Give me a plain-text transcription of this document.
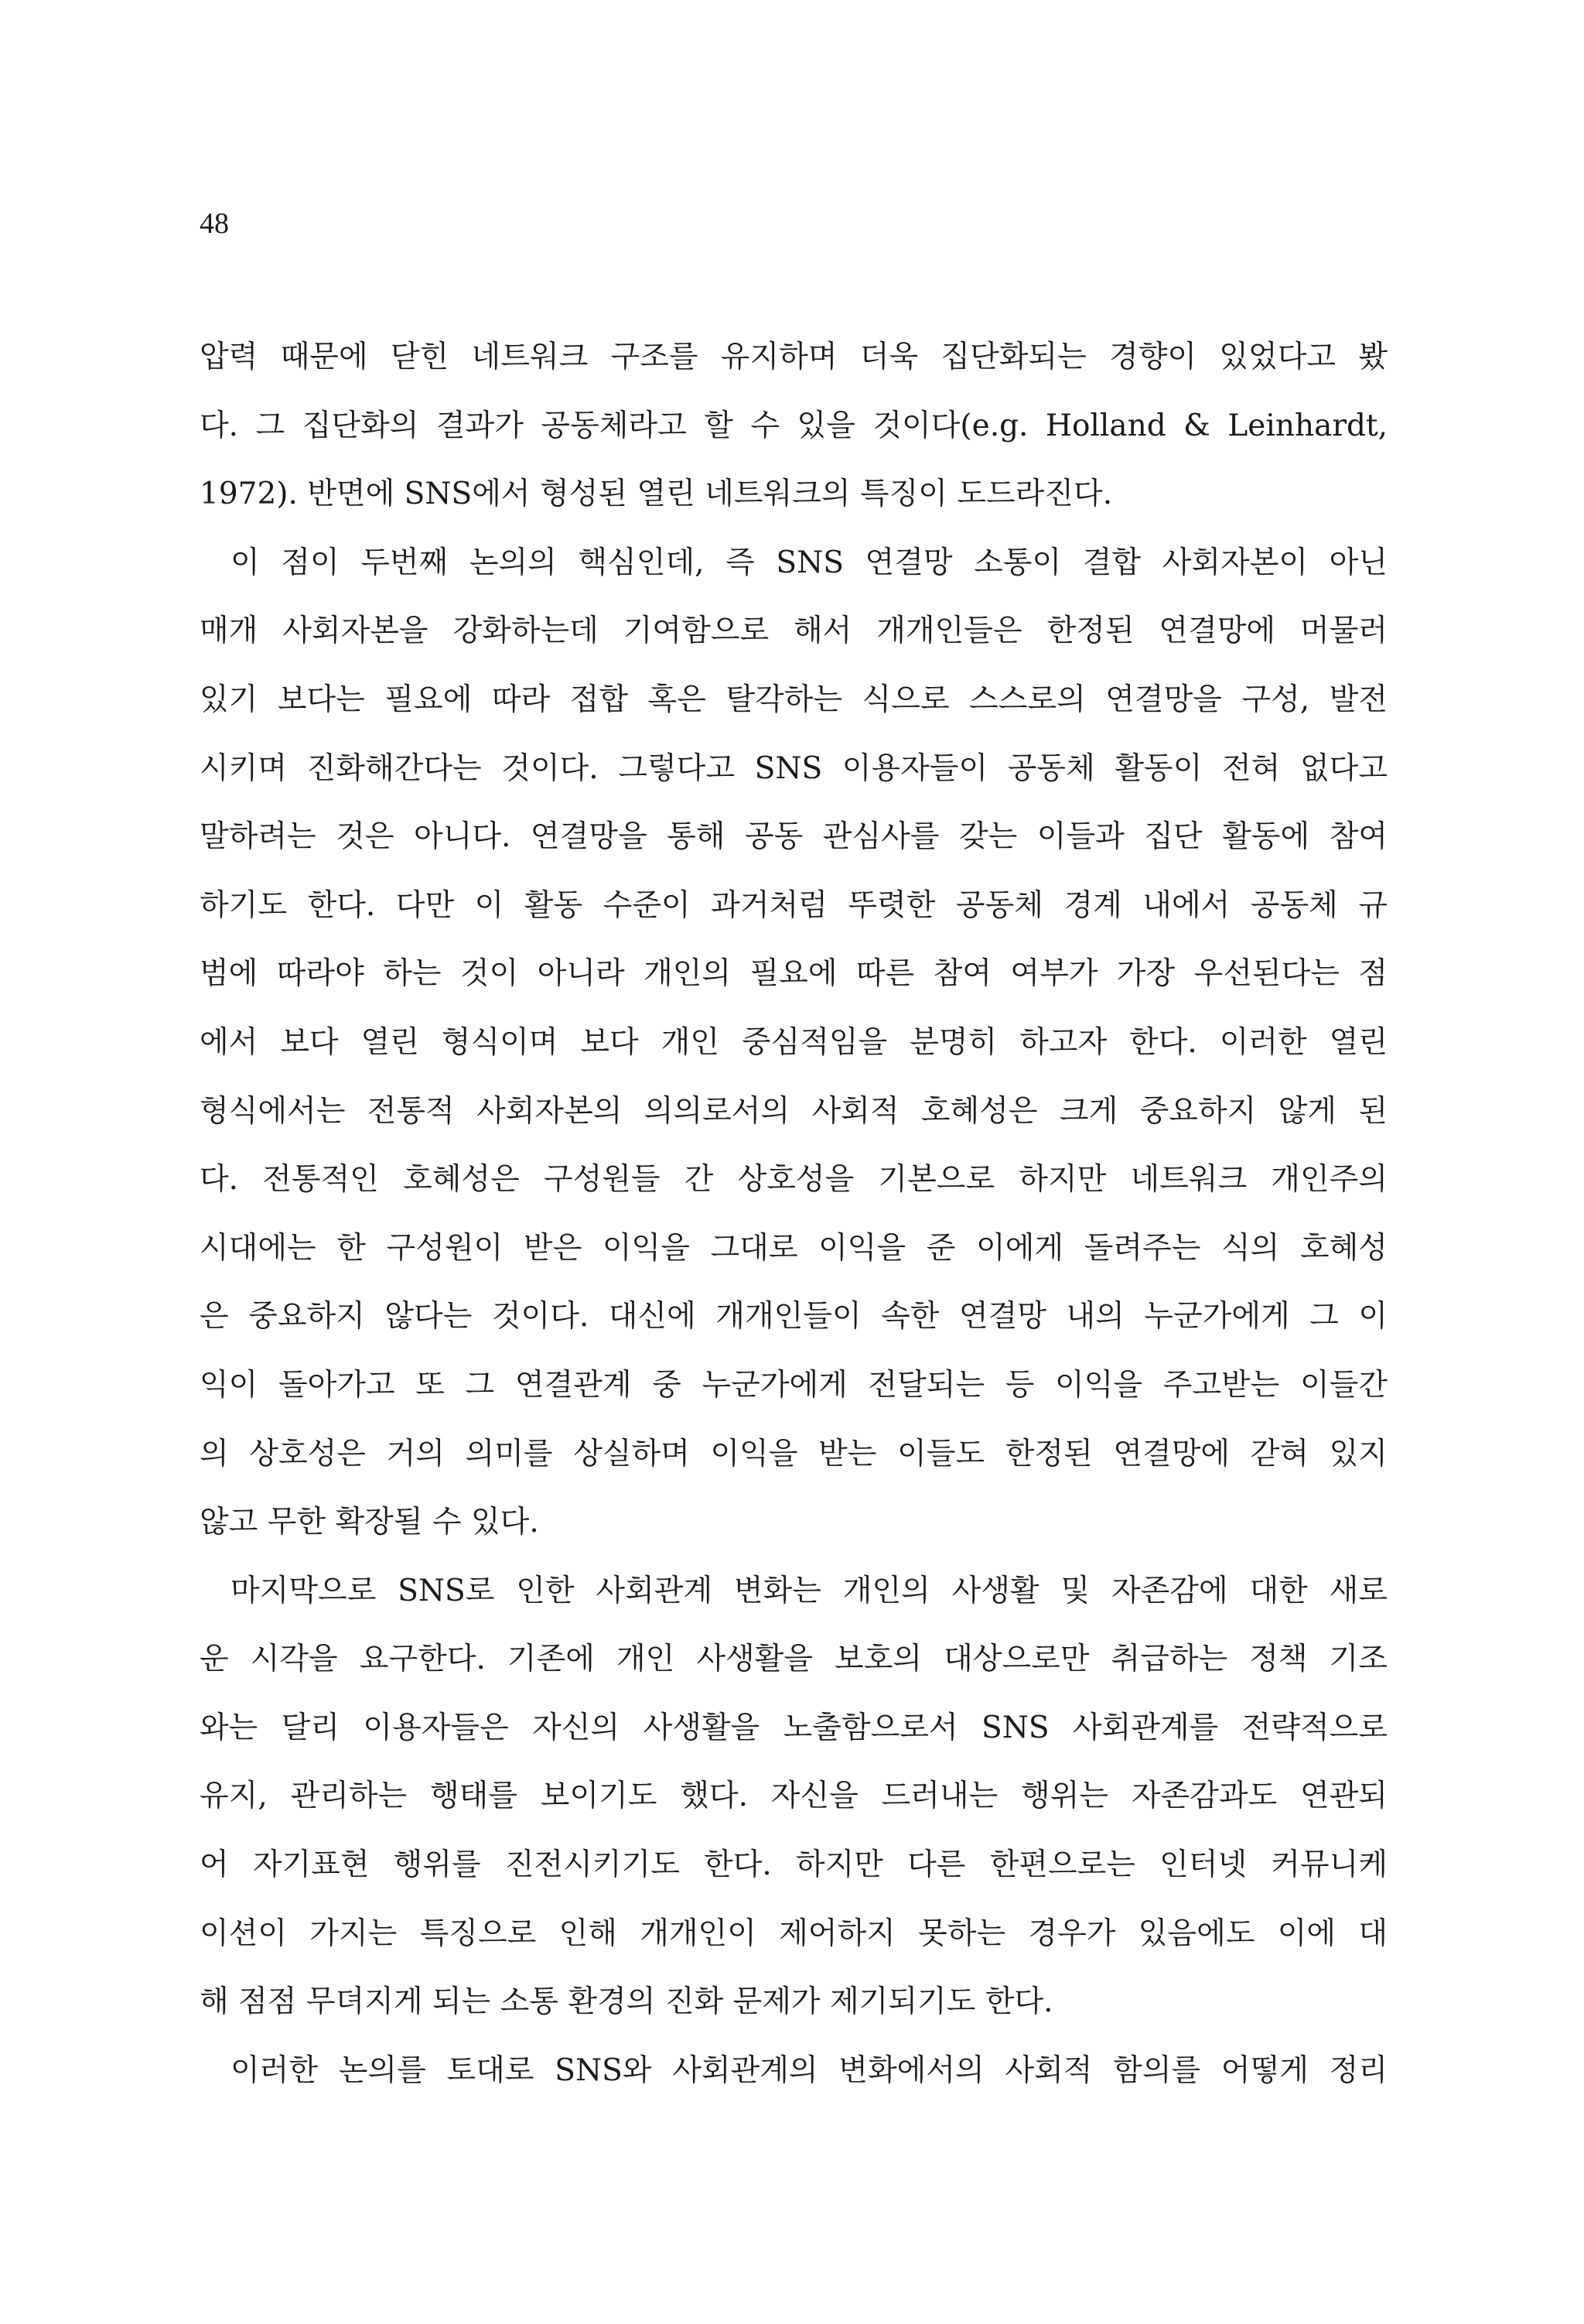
48
압력 때문에 닫힌 네트워크 구조를 유지하며 더욱 집단화되는 경향이 있었다고 봤
다. 그 집단화의 결과가 공동체라고 할 수 있을 것이다(e.g. Holland & Leinhardt,
1972). 반면에 SNS에서 형성된 열린 네트워크의 특징이 도드라진다.
이 점이 두번째 논의의 핵심인데, 즉 SNS 연결망 소통이 결합 사회자본이 아닌
매개 사회자본을 강화하는데 기여함으로 해서 개개인들은 한정된 연결망에 머물러
있기 보다는 필요에 따라 접합 혹은 탈각하는 식으로 스스로의 연결망을 구성, 발전
시키며 진화해간다는 것이다. 그렇다고 SNS 이용자들이 공동체 활동이 전혀 없다고
말하려는 것은 아니다. 연결망을 통해 공동 관심사를 갖는 이들과 집단 활동에 참여
하기도 한다. 다만 이 활동 수준이 과거처럼 뚜렷한 공동체 경계 내에서 공동체 규
범에 따라야 하는 것이 아니라 개인의 필요에 따른 참여 여부가 가장 우선된다는 점
에서 보다 열린 형식이며 보다 개인 중심적임을 분명히 하고자 한다. 이러한 열린
형식에서는 전통적 사회자본의 의의로서의 사회적 호혜성은 크게 중요하지 않게 된
다. 전통적인 호혜성은 구성원들 간 상호성을 기본으로 하지만 네트워크 개인주의
시대에는 한 구성원이 받은 이익을 그대로 이익을 준 이에게 돌려주는 식의 호혜성
은 중요하지 않다는 것이다. 대신에 개개인들이 속한 연결망 내의 누군가에게 그 이
익이 돌아가고 또 그 연결관계 중 누군가에게 전달되는 등 이익을 주고받는 이들간
의 상호성은 거의 의미를 상실하며 이익을 받는 이들도 한정된 연결망에 갇혀 있지
않고 무한 확장될 수 있다.
마지막으로 SNS로 인한 사회관계 변화는 개인의 사생활 및 자존감에 대한 새로
운 시각을 요구한다. 기존에 개인 사생활을 보호의 대상으로만 취급하는 정책 기조
와는 달리 이용자들은 자신의 사생활을 노출함으로서 SNS 사회관계를 전략적으로
유지, 관리하는 행태를 보이기도 했다. 자신을 드러내는 행위는 자존감과도 연관되
어 자기표현 행위를 진전시키기도 한다. 하지만 다른 한편으로는 인터넷 커뮤니케
이션이 가지는 특징으로 인해 개개인이 제어하지 못하는 경우가 있음에도 이에 대
해 점점 무뎌지게 되는 소통 환경의 진화 문제가 제기되기도 한다.
이러한 논의를 토대로 SNS와 사회관계의 변화에서의 사회적 함의를 어떻게 정리
